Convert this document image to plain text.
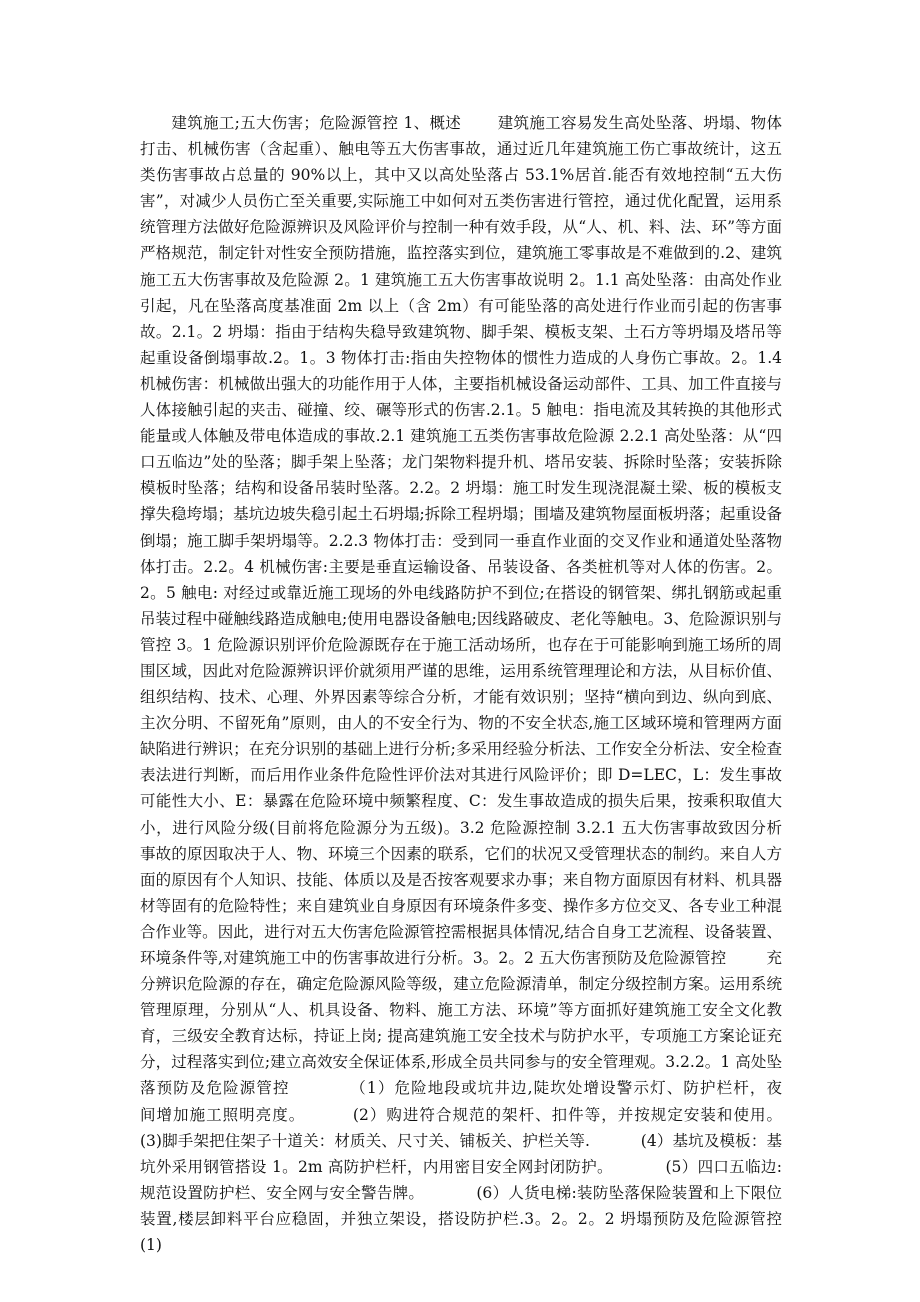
建筑施工;五大伤害；危险源管控 1、概述       建筑施工容易发生高处坠落、坍塌、物体打击、机械伤害（含起重）、触电等五大伤害事故，通过近几年建筑施工伤亡事故统计，这五类伤害事故占总量的 90%以上，其中又以高处坠落占 53.1%居首.能否有效地控制“五大伤害”，对减少人员伤亡至关重要,实际施工中如何对五类伤害进行管控，通过优化配置，运用系统管理方法做好危险源辨识及风险评价与控制一种有效手段，从“人、机、料、法、环”等方面严格规范，制定针对性安全预防措施，监控落实到位，建筑施工零事故是不难做到的.2、建筑施工五大伤害事故及危险源 2。1 建筑施工五大伤害事故说明 2。1.1 高处坠落：由高处作业引起，凡在坠落高度基准面 2m 以上（含 2m）有可能坠落的高处进行作业而引起的伤害事故。2.1。2 坍塌：指由于结构失稳导致建筑物、脚手架、模板支架、土石方等坍塌及塔吊等起重设备倒塌事故.2。1。3 物体打击:指由失控物体的惯性力造成的人身伤亡事故。2。1.4 机械伤害：机械做出强大的功能作用于人体，主要指机械设备运动部件、工具、加工件直接与人体接触引起的夹击、碰撞、绞、碾等形式的伤害.2.1。5 触电：指电流及其转换的其他形式能量或人体触及带电体造成的事故.2.1 建筑施工五类伤害事故危险源 2.2.1 高处坠落：从“四口五临边”处的坠落；脚手架上坠落；龙门架物料提升机、塔吊安装、拆除时坠落；安装拆除模板时坠落；结构和设备吊装时坠落。2.2。2 坍塌：施工时发生现浇混凝土梁、板的模板支撑失稳垮塌；基坑边坡失稳引起土石坍塌;拆除工程坍塌；围墙及建筑物屋面板坍落；起重设备倒塌；施工脚手架坍塌等。2.2.3 物体打击：受到同一垂直作业面的交叉作业和通道处坠落物体打击。2.2。4 机械伤害:主要是垂直运输设备、吊装设备、各类桩机等对人体的伤害。2。2。5 触电: 对经过或靠近施工现场的外电线路防护不到位;在搭设的钢管架、绑扎钢筋或起重吊装过程中碰触线路造成触电;使用电器设备触电;因线路破皮、老化等触电。3、危险源识别与管控 3。1 危险源识别评价危险源既存在于施工活动场所，也存在于可能影响到施工场所的周围区域，因此对危险源辨识评价就须用严谨的思维，运用系统管理理论和方法，从目标价值、组织结构、技术、心理、外界因素等综合分析，才能有效识别；坚持“横向到边、纵向到底、主次分明、不留死角”原则，由人的不安全行为、物的不安全状态,施工区域环境和管理两方面缺陷进行辨识；在充分识别的基础上进行分析;多采用经验分析法、工作安全分析法、安全检查表法进行判断，而后用作业条件危险性评价法对其进行风险评价；即 D=LEC，L：发生事故可能性大小、E：暴露在危险环境中频繁程度、C：发生事故造成的损失后果，按乘积取值大小，进行风险分级(目前将危险源分为五级)。3.2 危险源控制 3.2.1 五大伤害事故致因分析        事故的原因取决于人、物、环境三个因素的联系，它们的状况又受管理状态的制约。来自人方面的原因有个人知识、技能、体质以及是否按客观要求办事；来自物方面原因有材料、机具器材等固有的危险特性；来自建筑业自身原因有环境条件多变、操作多方位交叉、各专业工种混合作业等。因此，进行对五大伤害危险源管控需根据具体情况,结合自身工艺流程、设备装置、环境条件等,对建筑施工中的伤害事故进行分析。3。2。2 五大伤害预防及危险源管控        充分辨识危险源的存在，确定危险源风险等级，建立危险源清单，制定分级控制方案。运用系统管理原理，分别从“人、机具设备、物料、施工方法、环境”等方面抓好建筑施工安全文化教育，三级安全教育达标，持证上岗; 提高建筑施工安全技术与防护水平，专项施工方案论证充分，过程落实到位;建立高效安全保证体系,形成全员共同参与的安全管理观。3.2.2。1 高处坠落预防及危险源管控          （1）危险地段或坑井边,陡坎处增设警示灯、防护栏杆，夜        间增加施工照明亮度。        (2）购进符合规范的架杆、扣件等，并按规定安装和使用。        (3)脚手架把住架子十道关：材质关、尺寸关、铺板关、护栏关等.          (4）基坑及模板：基坑外采用钢管搭设 1。2m 高防护栏杆，内用密目安全网封闭防护。          (5）四口五临边: 规范设置防护栏、安全网与安全警告牌。          (6）人货电梯:装防坠落保险装置和上下限位装置,楼层卸料平台应稳固，并独立架设，搭设防护栏.3。2。2。2 坍塌预防及危险源管控          (1)
